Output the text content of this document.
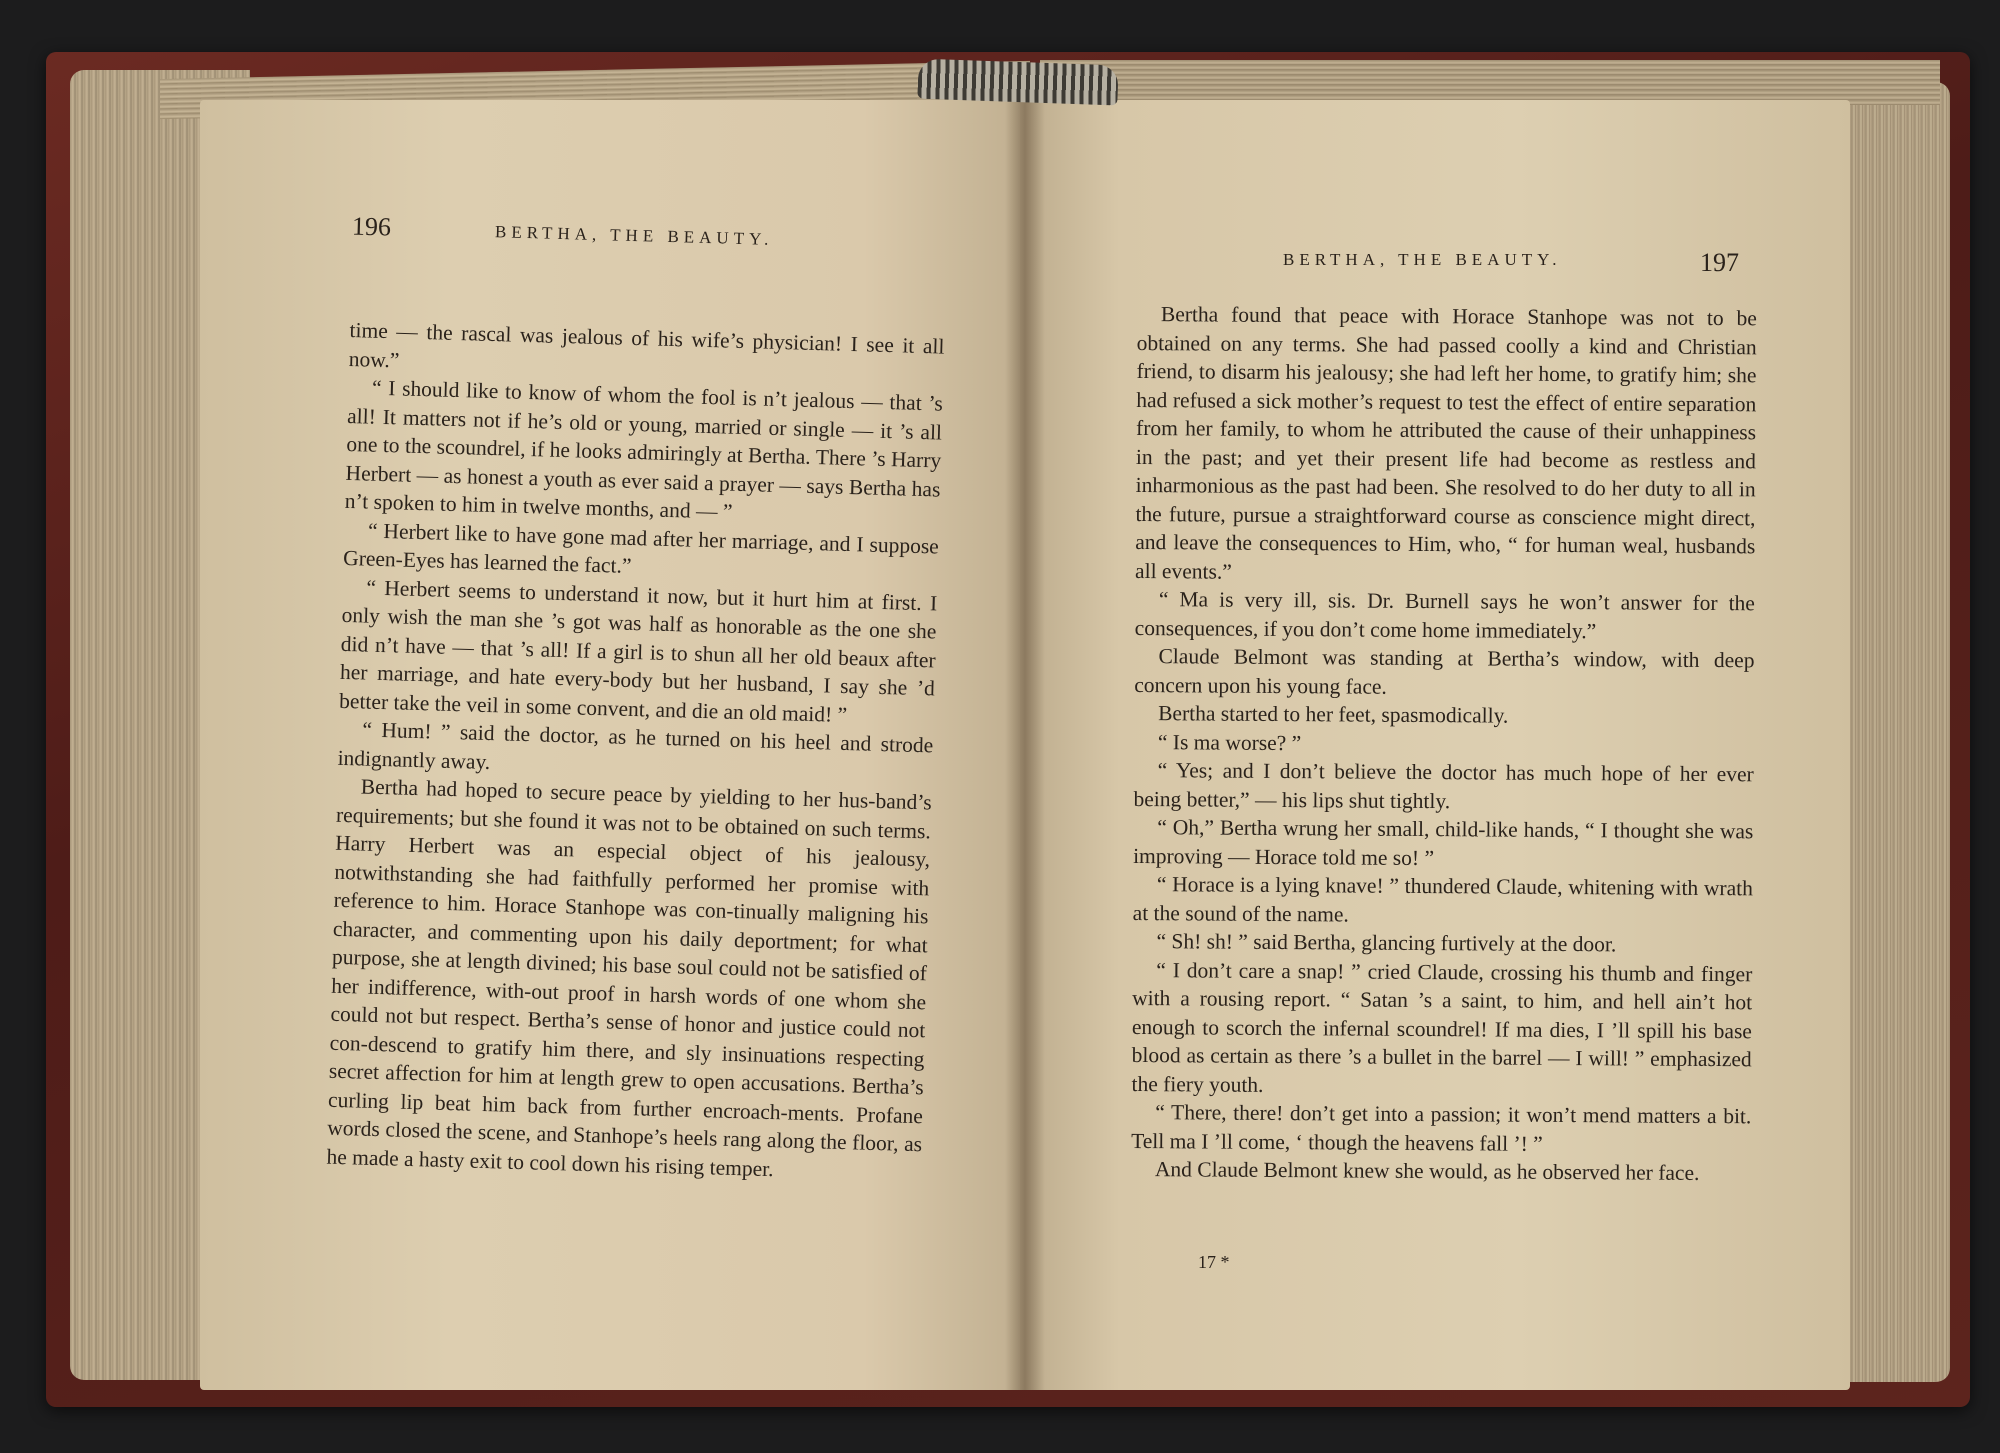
196	BERTHA, THE BEAUTY.

time — the rascal was jealous of his wife’s physician! I see it all now.”

“ I should like to know of whom the fool is n’t jealous — that ’s all! It matters not if he’s old or young, married or single — it ’s all one to the scoundrel, if he looks admiringly at Bertha. There ’s Harry Herbert — as honest a youth as ever said a prayer — says Bertha has n’t spoken to him in twelve months, and — ”

“ Herbert like to have gone mad after her marriage, and I suppose Green-Eyes has learned the fact.”

“ Herbert seems to understand it now, but it hurt him at first. I only wish the man she ’s got was half as honorable as the one she did n’t have — that ’s all! If a girl is to shun all her old beaux after her marriage, and hate every-body but her husband, I say she ’d better take the veil in some convent, and die an old maid! ”

“ Hum! ” said the doctor, as he turned on his heel and strode indignantly away.

Bertha had hoped to secure peace by yielding to her hus-band’s requirements; but she found it was not to be obtained on such terms. Harry Herbert was an especial object of his jealousy, notwithstanding she had faithfully performed her promise with reference to him. Horace Stanhope was con-tinually maligning his character, and commenting upon his daily deportment; for what purpose, she at length divined; his base soul could not be satisfied of her indifference, with-out proof in harsh words of one whom she could not but respect. Bertha’s sense of honor and justice could not con-descend to gratify him there, and sly insinuations respecting secret affection for him at length grew to open accusations. Bertha’s curling lip beat him back from further encroach-ments. Profane words closed the scene, and Stanhope’s heels rang along the floor, as he made a hasty exit to cool down his rising temper.

BERTHA, THE BEAUTY.	197

Bertha found that peace with Horace Stanhope was not to be obtained on any terms. She had passed coolly a kind and Christian friend, to disarm his jealousy; she had left her home, to gratify him; she had refused a sick mother’s request to test the effect of entire separation from her family, to whom he attributed the cause of their unhappiness in the past; and yet their present life had become as restless and inharmonious as the past had been. She resolved to do her duty to all in the future, pursue a straightforward course as conscience might direct, and leave the consequences to Him, who, “ for human weal, husbands all events.”

“ Ma is very ill, sis. Dr. Burnell says he won’t answer for the consequences, if you don’t come home immediately.”

Claude Belmont was standing at Bertha’s window, with deep concern upon his young face.

Bertha started to her feet, spasmodically.

“ Is ma worse? ”

“ Yes; and I don’t believe the doctor has much hope of her ever being better,” — his lips shut tightly.

“ Oh,” Bertha wrung her small, child-like hands, “ I thought she was improving — Horace told me so! ”

“ Horace is a lying knave! ” thundered Claude, whitening with wrath at the sound of the name.

“ Sh! sh! ” said Bertha, glancing furtively at the door.

“ I don’t care a snap! ” cried Claude, crossing his thumb and finger with a rousing report. “ Satan ’s a saint, to him, and hell ain’t hot enough to scorch the infernal scoundrel! If ma dies, I ’ll spill his base blood as certain as there ’s a bullet in the barrel — I will! ” emphasized the fiery youth.

“ There, there! don’t get into a passion; it won’t mend matters a bit. Tell ma I ’ll come, ‘ though the heavens fall ’! ”

And Claude Belmont knew she would, as he observed her face.

17 *
